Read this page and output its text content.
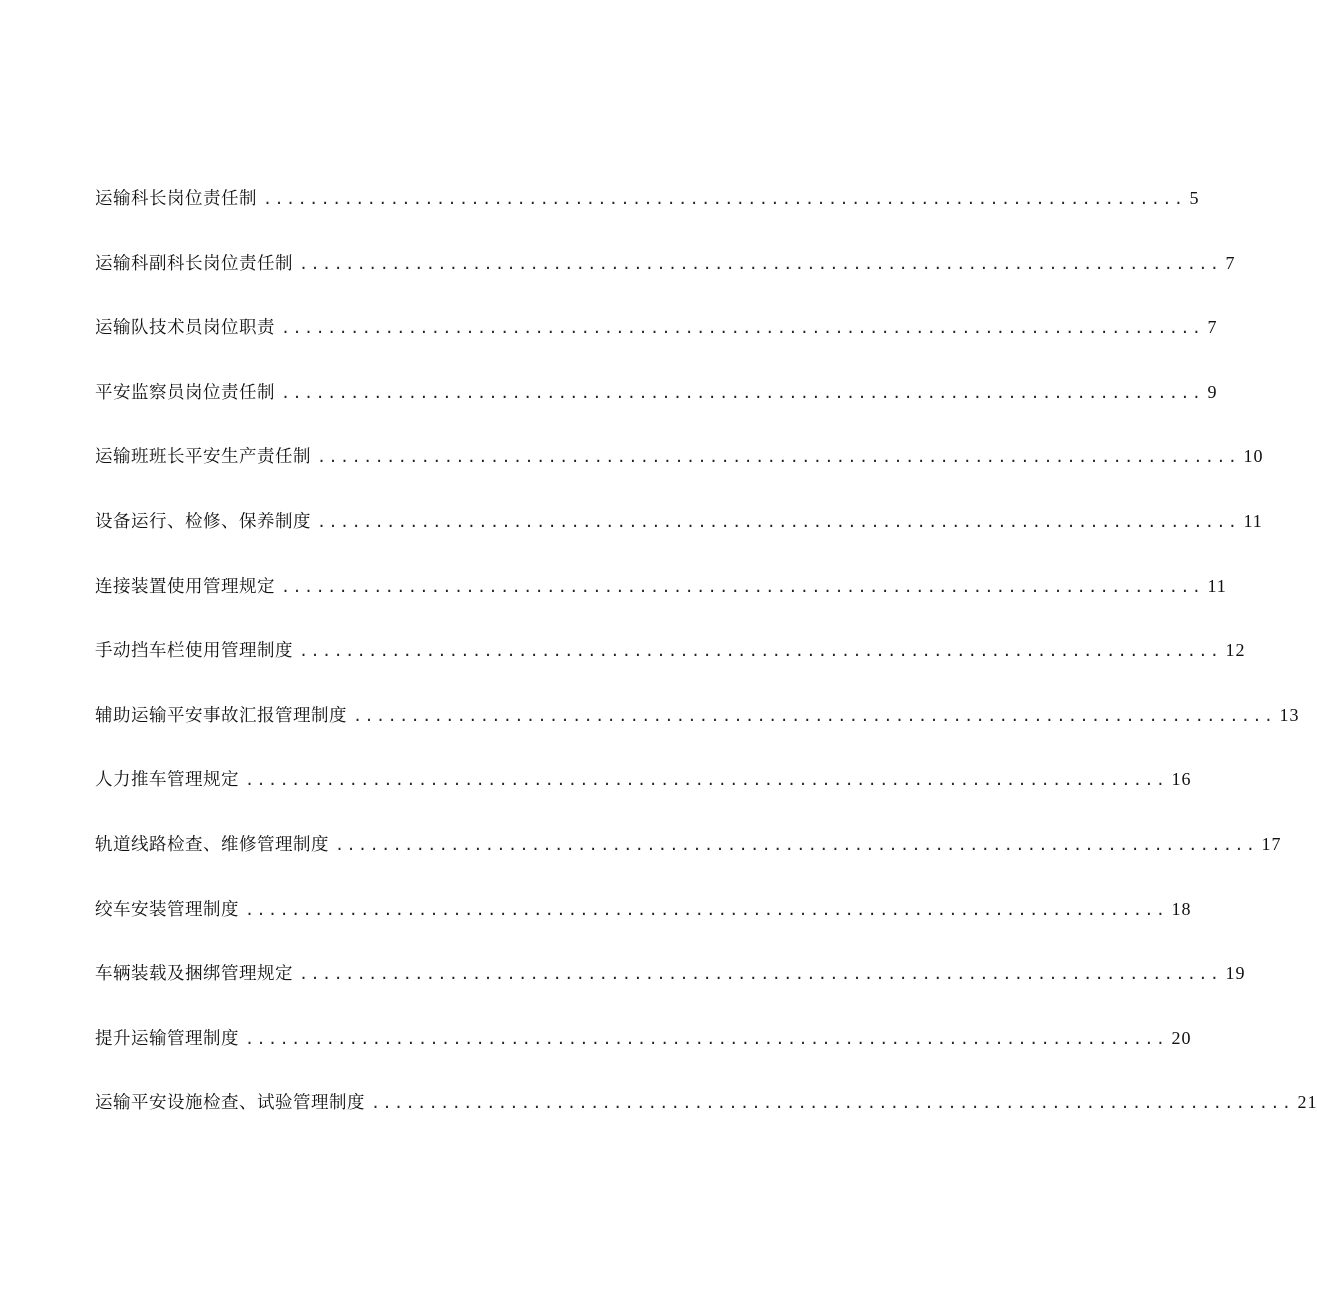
运输科长岗位责任制 ................................................................................ 5
运输科副科长岗位责任制 ................................................................................ 7
运输队技术员岗位职责 ................................................................................ 7
平安监察员岗位责任制 ................................................................................ 9
运输班班长平安生产责任制 ................................................................................ 10
设备运行、检修、保养制度 ................................................................................ 11
连接装置使用管理规定 ................................................................................ 11
手动挡车栏使用管理制度 ................................................................................ 12
辅助运输平安事故汇报管理制度 ................................................................................ 13
人力推车管理规定 ................................................................................ 16
轨道线路检查、维修管理制度 ................................................................................ 17
绞车安装管理制度 ................................................................................ 18
车辆装载及捆绑管理规定 ................................................................................ 19
提升运输管理制度 ................................................................................ 20
运输平安设施检查、试验管理制度 ................................................................................ 21
